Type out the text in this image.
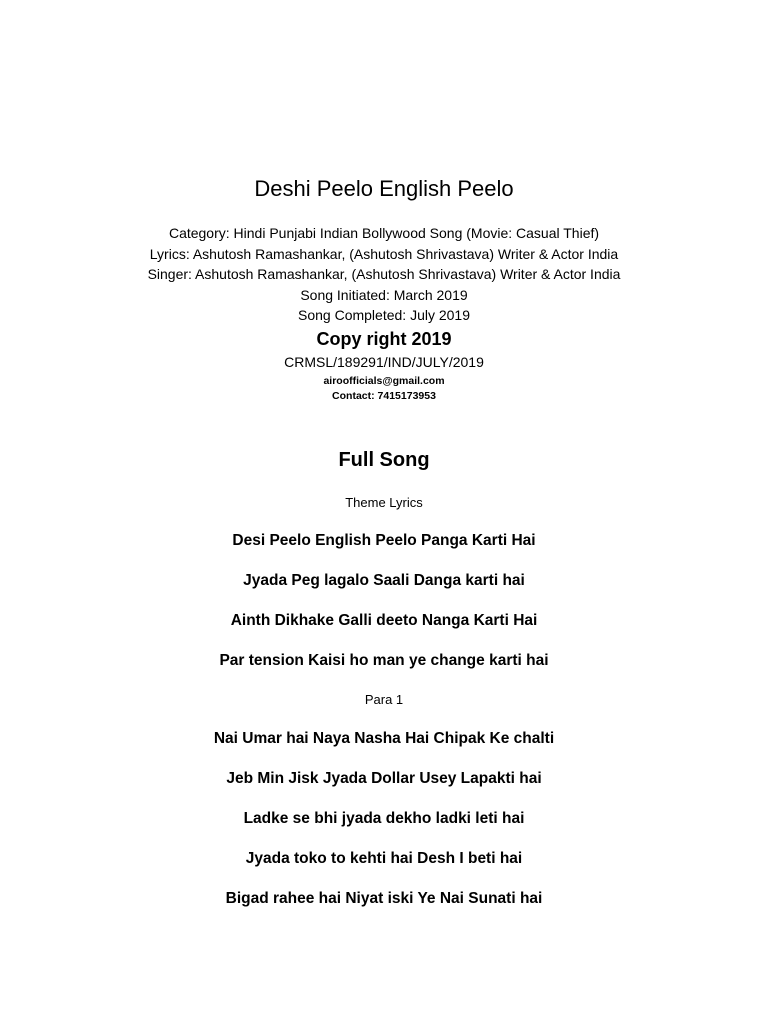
Deshi Peelo English Peelo
Category: Hindi Punjabi Indian Bollywood Song (Movie: Casual Thief)
Lyrics: Ashutosh Ramashankar, (Ashutosh Shrivastava) Writer & Actor India
Singer: Ashutosh Ramashankar, (Ashutosh Shrivastava) Writer & Actor India
Song Initiated: March 2019
Song Completed: July 2019
Copy right 2019
CRMSL/189291/IND/JULY/2019
airoofficials@gmail.com
Contact: 7415173953
Full Song
Theme Lyrics
Desi Peelo English Peelo Panga Karti Hai
Jyada Peg lagalo Saali Danga karti hai
Ainth Dikhake Galli deeto Nanga Karti Hai
Par tension Kaisi ho man ye change karti hai
Para 1
Nai Umar hai Naya Nasha Hai Chipak Ke chalti
Jeb Min Jisk Jyada Dollar Usey Lapakti hai
Ladke se bhi jyada dekho ladki leti hai
Jyada toko to kehti hai Desh I beti hai
Bigad rahee hai Niyat iski Ye Nai Sunati hai
